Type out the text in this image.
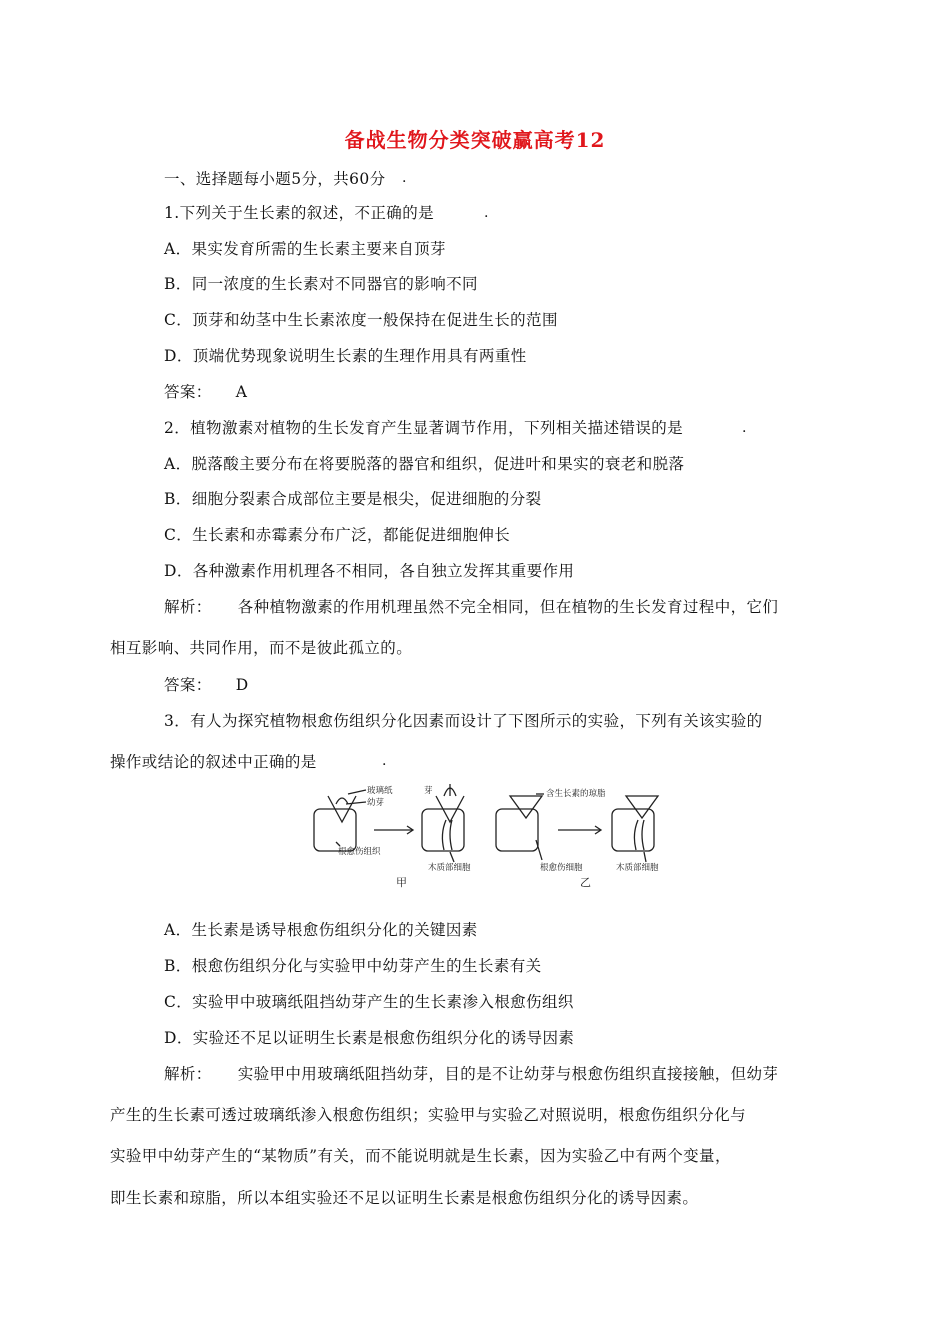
备战生物分类突破赢高考12
一、选择题每小题5分，共60分 .
1.下列关于生长素的叙述，不正确的是	.
A．果实发育所需的生长素主要来自顶芽
B．同一浓度的生长素对不同器官的影响不同
C．顶芽和幼茎中生长素浓度一般保持在促进生长的范围
D．顶端优势现象说明生长素的生理作用具有两重性
答案： A
2．植物激素对植物的生长发育产生显著调节作用，下列相关描述错误的是	.
A．脱落酸主要分布在将要脱落的器官和组织，促进叶和果实的衰老和脱落
B．细胞分裂素合成部位主要是根尖，促进细胞的分裂
C．生长素和赤霉素分布广泛，都能促进细胞伸长
D．各种激素作用机理各不相同，各自独立发挥其重要作用
解析： 各种植物激素的作用机理虽然不完全相同，但在植物的生长发育过程中，它们
相互影响、共同作用，而不是彼此孤立的。
答案： D
3．有人为探究植物根愈伤组织分化因素而设计了下图所示的实验，下列有关该实验的
操作或结论的叙述中正确的是	.
玻璃纸
幼芽
芽
根愈伤组织
木质部细胞
含生长素的琼脂
根愈伤细胞	木质部细胞
甲	乙
A．生长素是诱导根愈伤组织分化的关键因素
B．根愈伤组织分化与实验甲中幼芽产生的生长素有关
C．实验甲中玻璃纸阻挡幼芽产生的生长素渗入根愈伤组织
D．实验还不足以证明生长素是根愈伤组织分化的诱导因素
解析： 实验甲中用玻璃纸阻挡幼芽，目的是不让幼芽与根愈伤组织直接接触，但幼芽
产生的生长素可透过玻璃纸渗入根愈伤组织；实验甲与实验乙对照说明，根愈伤组织分化与
实验甲中幼芽产生的“某物质”有关，而不能说明就是生长素，因为实验乙中有两个变量，
即生长素和琼脂，所以本组实验还不足以证明生长素是根愈伤组织分化的诱导因素。
